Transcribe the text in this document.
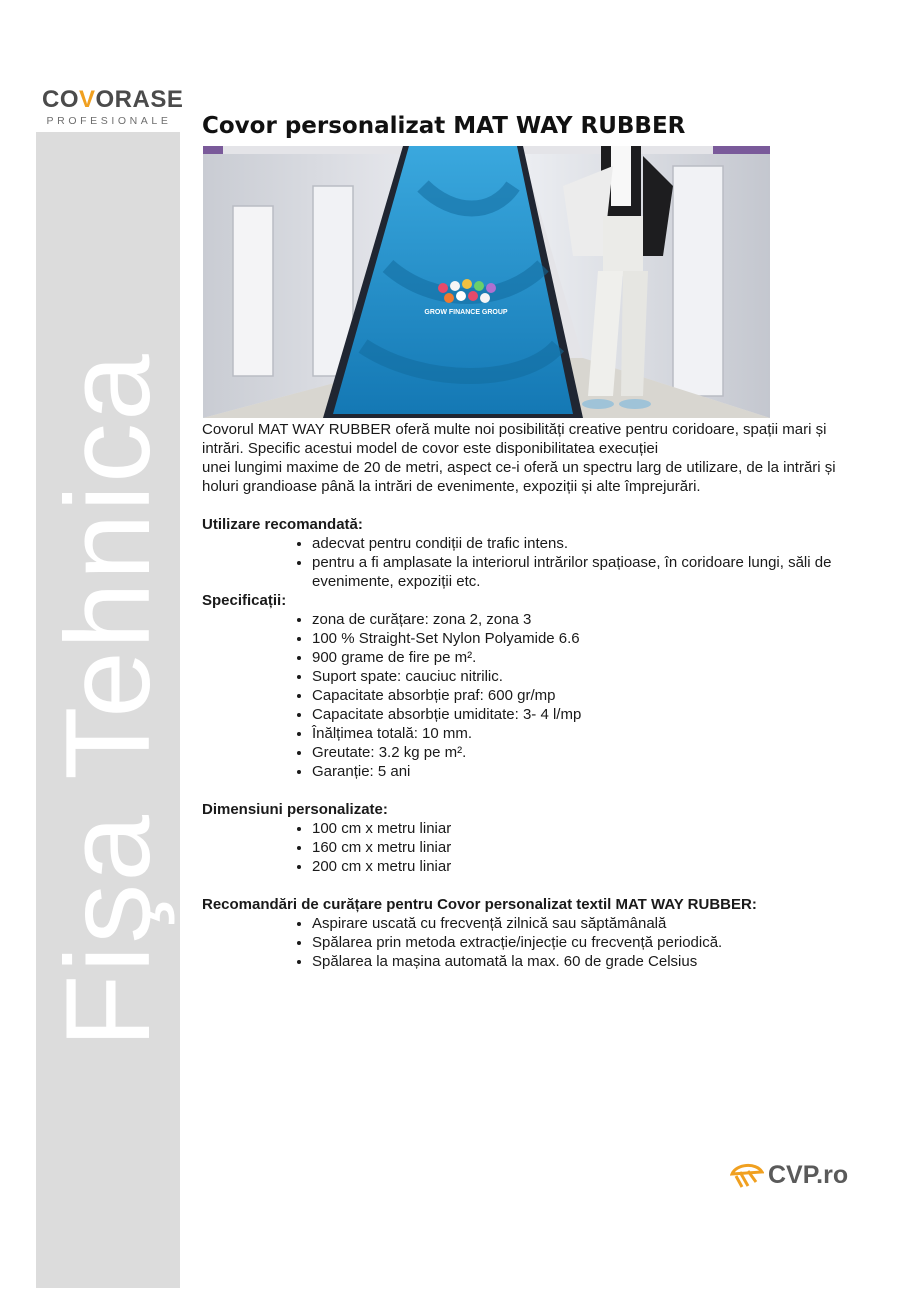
Fişa Tehnica
COVORASE
PROFESIONALE Covor personalizat MAT WAY RUBBER
GROW FINANCE GROUP

Covorul MAT WAY RUBBER oferă multe noi posibilități creative pentru coridoare, spații mari și intrări. Specific acestui model de covor este disponibilitatea execuției
unei lungimi maxime de 20 de metri, aspect ce-i oferă un spectru larg de utilizare, de la intrări și holuri grandioase până la intrări de evenimente, expoziții și alte împrejurări.

Utilizare recomandată:

• adecvat pentru condiții de trafic intens.
• pentru a fi amplasate la interiorul intrărilor spațioase, în coridoare lungi, săli de evenimente, expoziții etc.

Specificații:

• zona de curățare: zona 2, zona 3
• 100 % Straight-Set Nylon Polyamide 6.6
• 900 grame de fire pe m².
• Suport spate: cauciuc nitrilic.
• Capacitate absorbție praf: 600 gr/mp
• Capacitate absorbție umiditate: 3- 4 l/mp
• Înălțimea totală: 10 mm.
• Greutate: 3.2 kg pe m².
• Garanție: 5 ani

Dimensiuni personalizate:

• 100 cm x metru liniar
• 160 cm x metru liniar
• 200 cm x metru liniar

Recomandări de curățare pentru Covor personalizat textil MAT WAY RUBBER:

• Aspirare uscată cu frecvență zilnică sau săptămânală
• Spălarea prin metoda extracție/injecție cu frecvență periodică.
• Spălarea la mașina automată la max. 60 de grade Celsius
CVP.ro
